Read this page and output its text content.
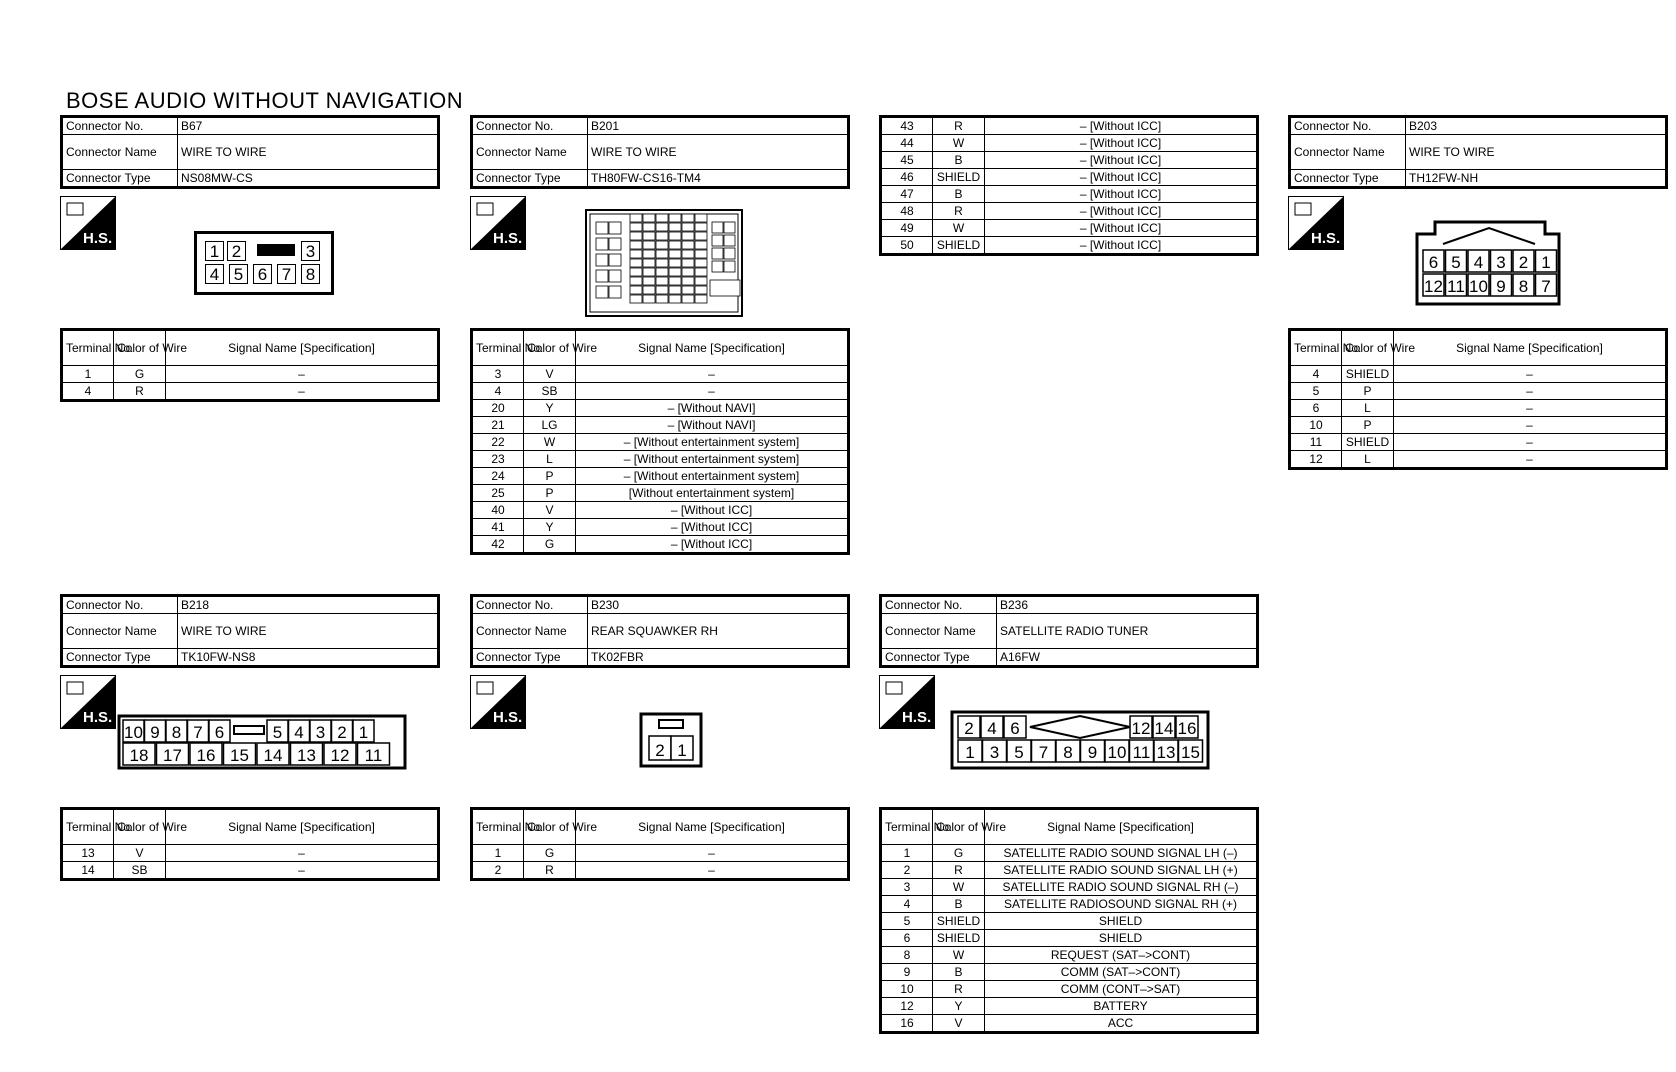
BOSE AUDIO WITHOUT NAVIGATION
Connector No.	B67
Connector Name	WIRE TO WIRE
Connector Type	NS08MW-CS
H.S.
1 2	3
4 5 6 7 8
Terminal No.	Color of Wire	Signal Name [Specification]
1	G	–
4	R	–
Connector No.	B201
Connector Name	WIRE TO WIRE
Connector Type	TH80FW-CS16-TM4
H.S.
Terminal No.	Color of Wire	Signal Name [Specification]
3	V	–
4	SB	–
20	Y	– [Without NAVI]
21	LG	– [Without NAVI]
22	W	– [Without entertainment system]
23	L	– [Without entertainment system]
24	P	– [Without entertainment system]
25	P	[Without entertainment system]
40	V	– [Without ICC]
41	Y	– [Without ICC]
42	G	– [Without ICC]
43	R	– [Without ICC]
44	W	– [Without ICC]
45	B	– [Without ICC]
46	SHIELD	– [Without ICC]
47	B	– [Without ICC]
48	R	– [Without ICC]
49	W	– [Without ICC]
50	SHIELD	– [Without ICC]
Connector No.	B203
Connector Name	WIRE TO WIRE
Connector Type	TH12FW-NH
H.S.
6 5 4 3 2 1
12 11 10 9 8 7
Terminal No.	Color of Wire	Signal Name [Specification]
4	SHIELD	–
5	P	–
6	L	–
10	P	–
11	SHIELD	–
12	L	–
Connector No.	B218
Connector Name	WIRE TO WIRE
Connector Type	TK10FW-NS8
H.S.
10 9 8 7 6	5 4 3 2 1
18 17 16 15 14 13 12 11
Terminal No.	Color of Wire	Signal Name [Specification]
13	V	–
14	SB	–
Connector No.	B230
Connector Name	REAR SQUAWKER RH
Connector Type	TK02FBR
H.S.
2 1
Terminal No.	Color of Wire	Signal Name [Specification]
1	G	–
2	R	–
Connector No.	B236
Connector Name	SATELLITE RADIO TUNER
Connector Type	A16FW
H.S.
2 4 6	12 14 16
1 3 5 7 8 9 10 11 13 15
Terminal No.	Color of Wire	Signal Name [Specification]
1	G	SATELLITE RADIO SOUND SIGNAL LH (–)
2	R	SATELLITE RADIO SOUND SIGNAL LH (+)
3	W	SATELLITE RADIO SOUND SIGNAL RH (–)
4	B	SATELLITE RADIOSOUND SIGNAL RH (+)
5	SHIELD	SHIELD
6	SHIELD	SHIELD
8	W	REQUEST (SAT–>CONT)
9	B	COMM (SAT–>CONT)
10	R	COMM (CONT–>SAT)
12	Y	BATTERY
16	V	ACC
